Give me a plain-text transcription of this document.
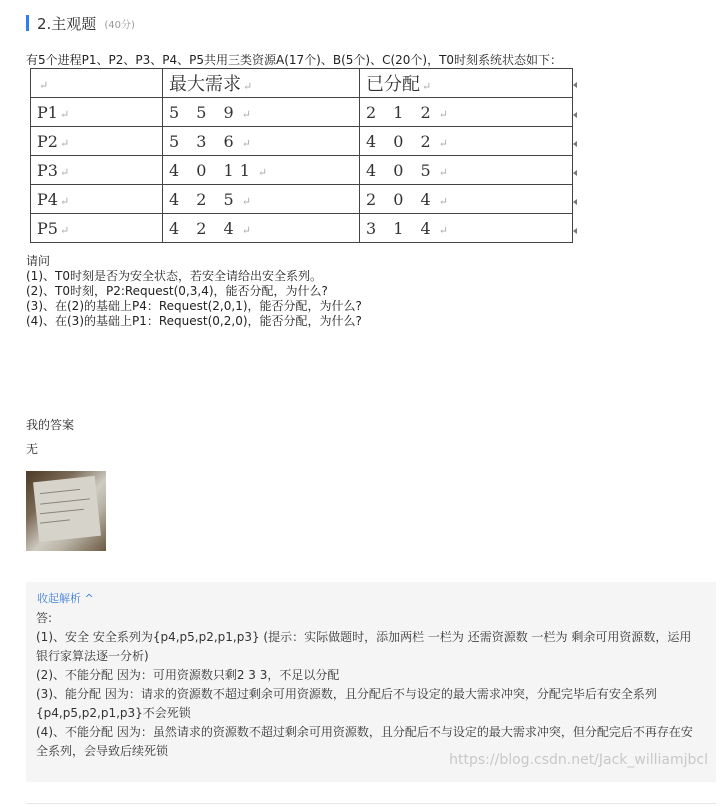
2.主观题 (40分)
有5个进程P1、P2、P3、P4、P5共用三类资源A(17个)、B(5个)、C(20个)，T0时刻系统状态如下：
↵	最大需求 ↵	已分配 ↵
P1 ↵	5 5 9 ↵	2 1 2 ↵
P2 ↵	5 3 6 ↵	4 0 2 ↵
P3 ↵	4 0 11 ↵	4 0 5 ↵
P4 ↵	4 2 5 ↵	2 0 4 ↵
P5 ↵	4 2 4 ↵	3 1 4 ↵
请问
(1)、T0时刻是否为安全状态，若安全请给出安全系列。
(2)、T0时刻，P2:Request(0,3,4)，能否分配，为什么?
(3)、在(2)的基础上P4：Request(2,0,1)，能否分配，为什么?
(4)、在(3)的基础上P1：Request(0,2,0)，能否分配，为什么?
我的答案
无
收起解析 ^

答:

(1)、安全 安全系列为{p4,p5,p2,p1,p3} (提示：实际做题时，添加两栏 一栏为 还需资源数 一栏为 剩余可用资源数，运用银行家算法逐一分析)

(2)、不能分配 因为：可用资源数只剩2 3 3，不足以分配

(3)、能分配 因为：请求的资源数不超过剩余可用资源数，且分配后不与设定的最大需求冲突，分配完毕后有安全系列{p4,p5,p2,p1,p3}不会死锁

(4)、不能分配 因为：虽然请求的资源数不超过剩余可用资源数，且分配后不与设定的最大需求冲突，但分配完后不再存在安全系列，会导致后续死锁

https://blog.csdn.net/Jack_williamjbcl
